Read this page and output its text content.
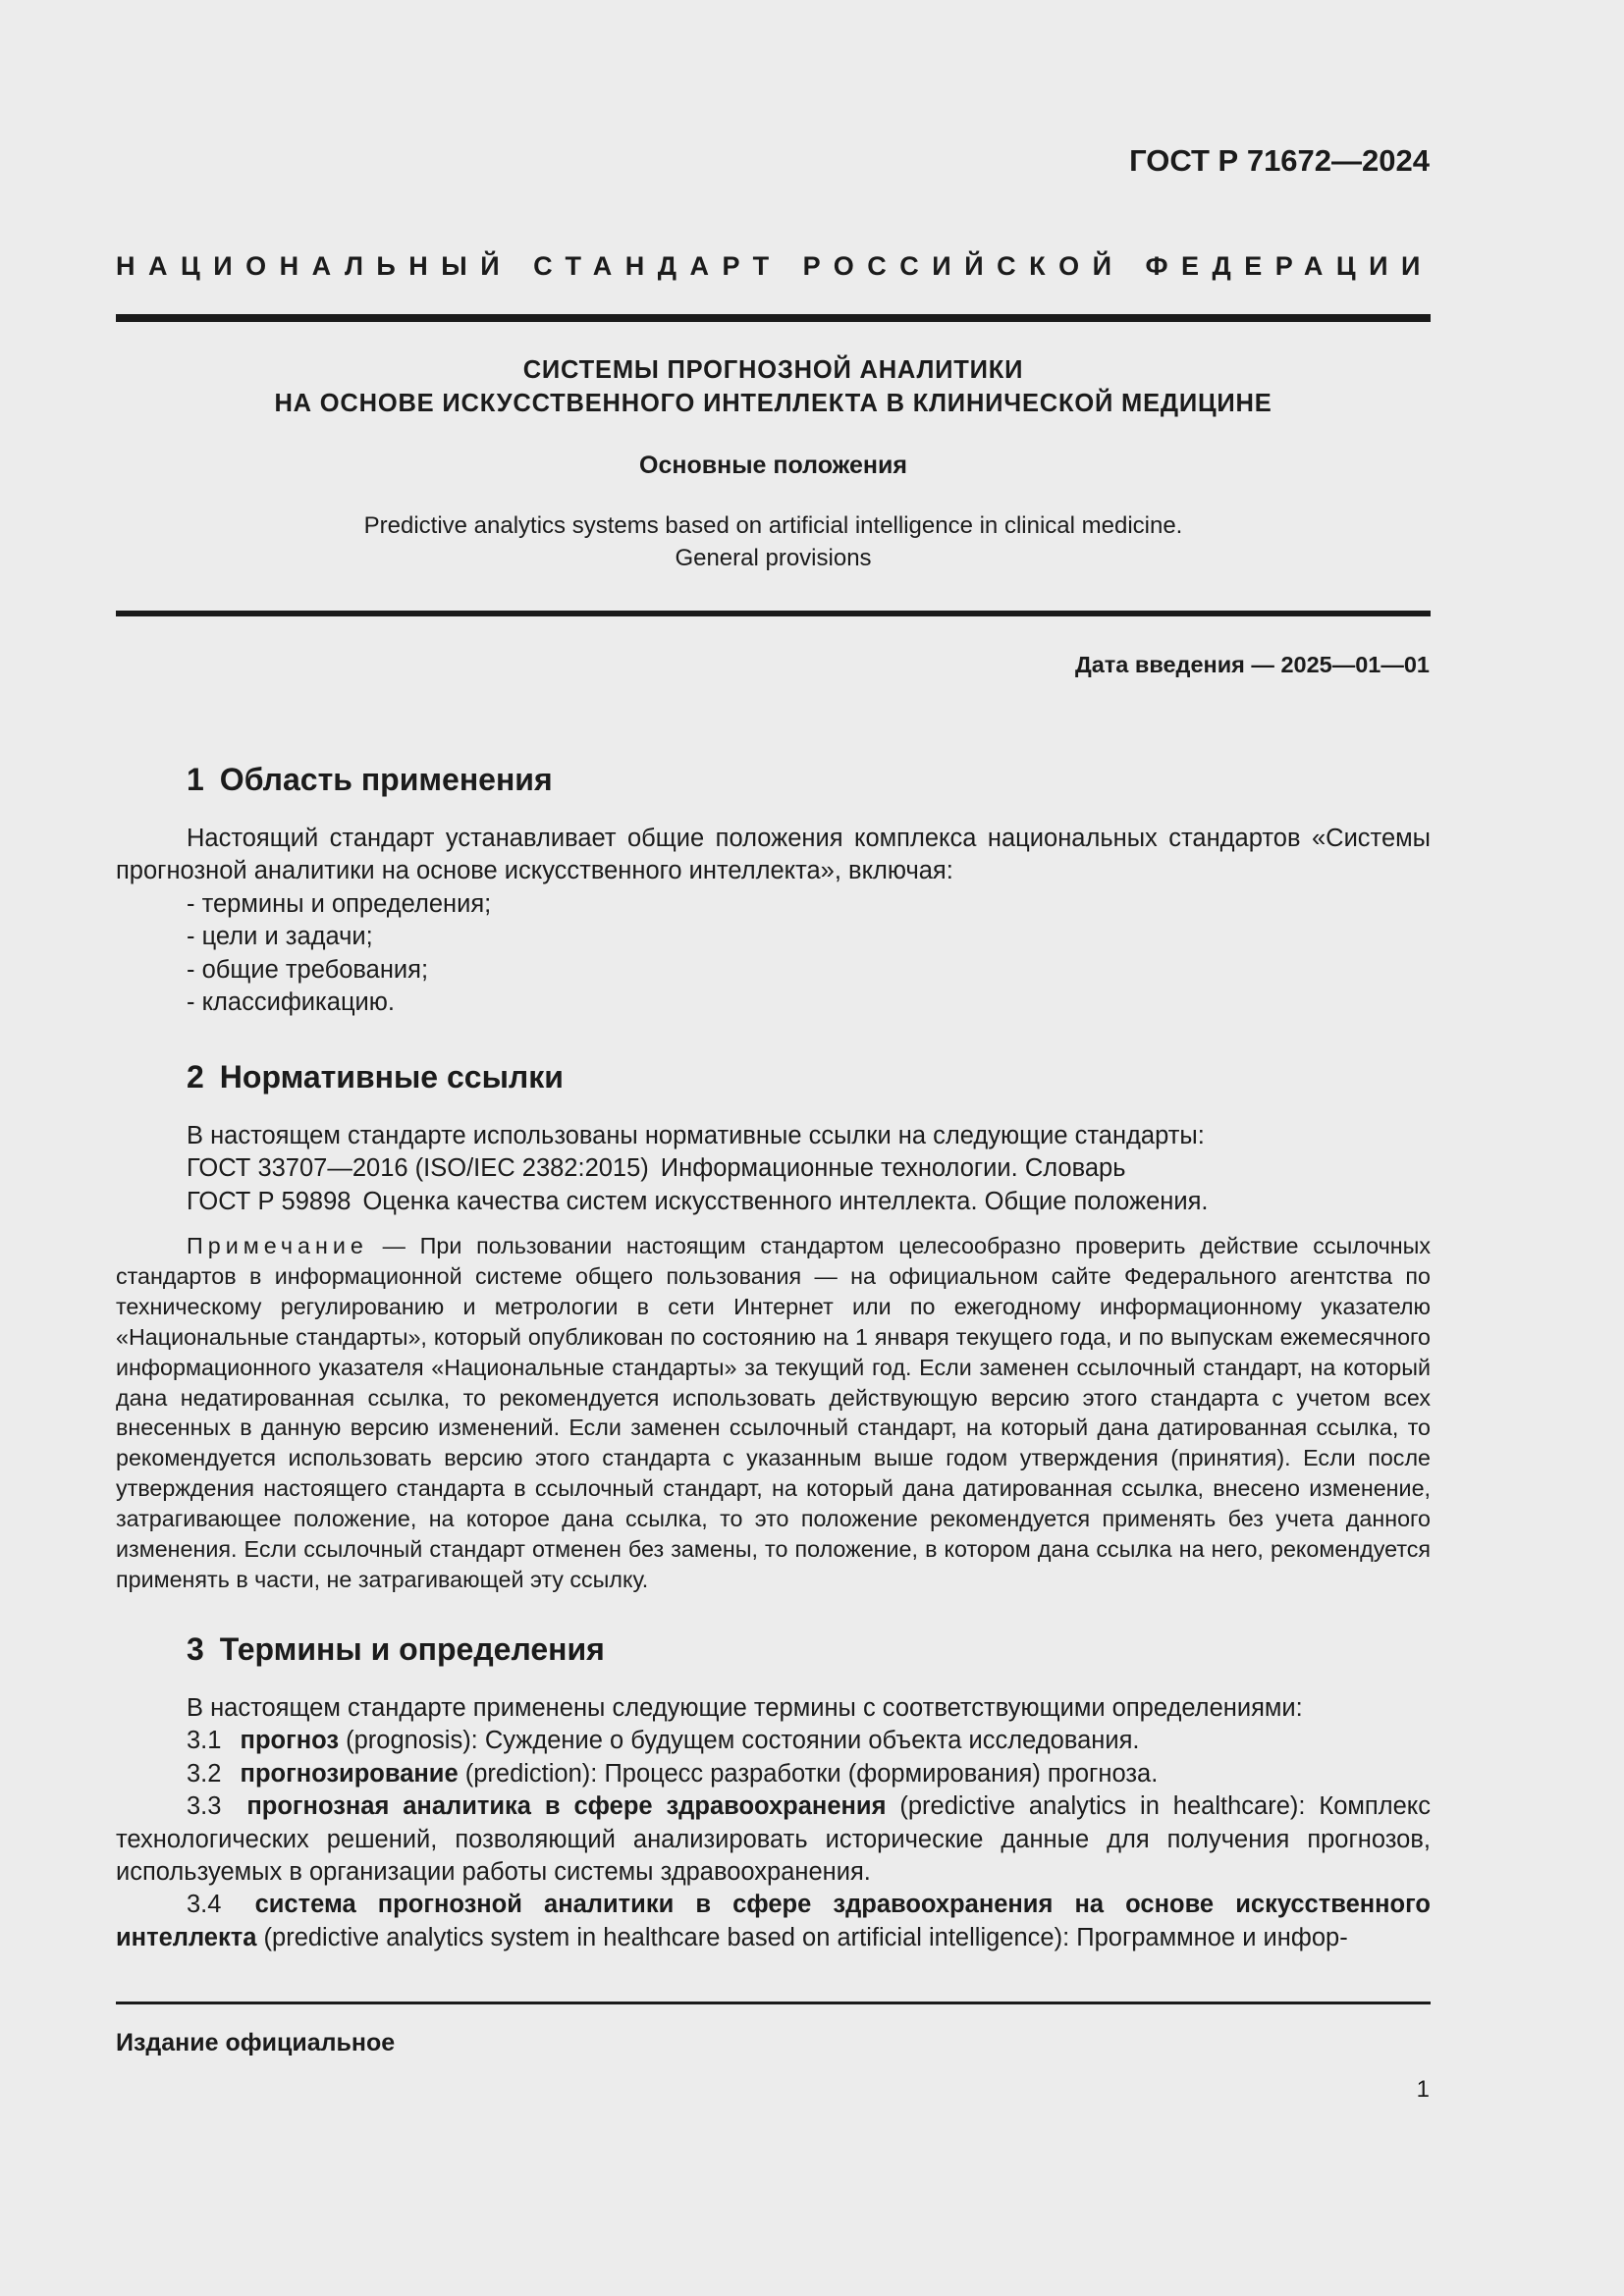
ГОСТ Р 71672—2024
НАЦИОНАЛЬНЫЙ СТАНДАРТ РОССИЙСКОЙ ФЕДЕРАЦИИ
СИСТЕМЫ ПРОГНОЗНОЙ АНАЛИТИКИ
НА ОСНОВЕ ИСКУССТВЕННОГО ИНТЕЛЛЕКТА В КЛИНИЧЕСКОЙ МЕДИЦИНЕ
Основные положения
Predictive analytics systems based on artificial intelligence in clinical medicine.
General provisions
Дата введения — 2025—01—01
1 Область применения
Настоящий стандарт устанавливает общие положения комплекса национальных стандартов «Системы прогнозной аналитики на основе искусственного интеллекта», включая:
- термины и определения;
- цели и задачи;
- общие требования;
- классификацию.
2 Нормативные ссылки
В настоящем стандарте использованы нормативные ссылки на следующие стандарты:
ГОСТ 33707—2016 (ISO/IEC 2382:2015) Информационные технологии. Словарь
ГОСТ Р 59898 Оценка качества систем искусственного интеллекта. Общие положения.
Примечание — При пользовании настоящим стандартом целесообразно проверить действие ссылочных стандартов в информационной системе общего пользования — на официальном сайте Федерального агентства по техническому регулированию и метрологии в сети Интернет или по ежегодному информационному указателю «Национальные стандарты», который опубликован по состоянию на 1 января текущего года, и по выпускам ежемесячного информационного указателя «Национальные стандарты» за текущий год. Если заменен ссылочный стандарт, на который дана недатированная ссылка, то рекомендуется использовать действующую версию этого стандарта с учетом всех внесенных в данную версию изменений. Если заменен ссылочный стандарт, на который дана датированная ссылка, то рекомендуется использовать версию этого стандарта с указанным выше годом утверждения (принятия). Если после утверждения настоящего стандарта в ссылочный стандарт, на который дана датированная ссылка, внесено изменение, затрагивающее положение, на которое дана ссылка, то это положение рекомендуется применять без учета данного изменения. Если ссылочный стандарт отменен без замены, то положение, в котором дана ссылка на него, рекомендуется применять в части, не затрагивающей эту ссылку.
3 Термины и определения
В настоящем стандарте применены следующие термины с соответствующими определениями:
3.1 прогноз (prognosis): Суждение о будущем состоянии объекта исследования.
3.2 прогнозирование (prediction): Процесс разработки (формирования) прогноза.
3.3 прогнозная аналитика в сфере здравоохранения (predictive analytics in healthcare): Комплекс технологических решений, позволяющий анализировать исторические данные для получения прогнозов, используемых в организации работы системы здравоохранения.
3.4 система прогнозной аналитики в сфере здравоохранения на основе искусственного интеллекта (predictive analytics system in healthcare based on artificial intelligence): Программное и инфор-
Издание официальное
1
